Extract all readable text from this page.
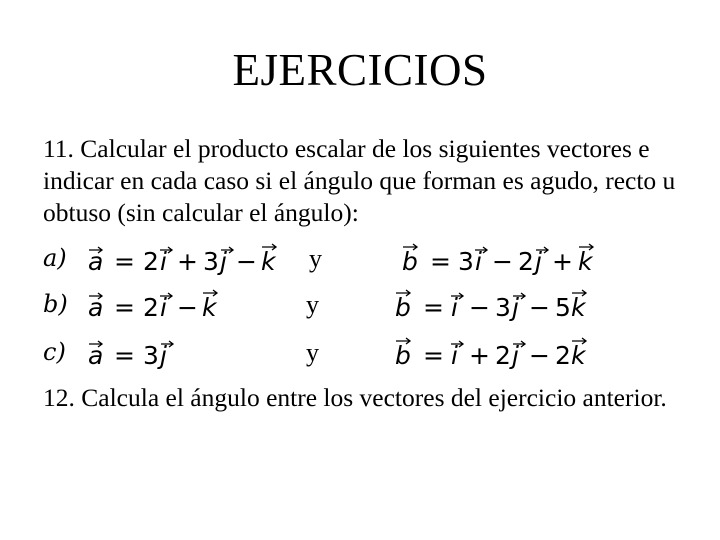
EJERCICIOS

11. Calcular el producto escalar de los siguientes vectores e indicar en cada caso si el ángulo que forman es agudo, recto u obtuso (sin calcular el ángulo):

a) a = 2 i + 3 j − k y	b = 3 i − 2 j + k
b) a = 2 i − k	y	b = i − 3 j − 5 k
c) a = 3 j	y	b = i + 2 j − 2 k

12. Calcula el ángulo entre los vectores del ejercicio anterior.
